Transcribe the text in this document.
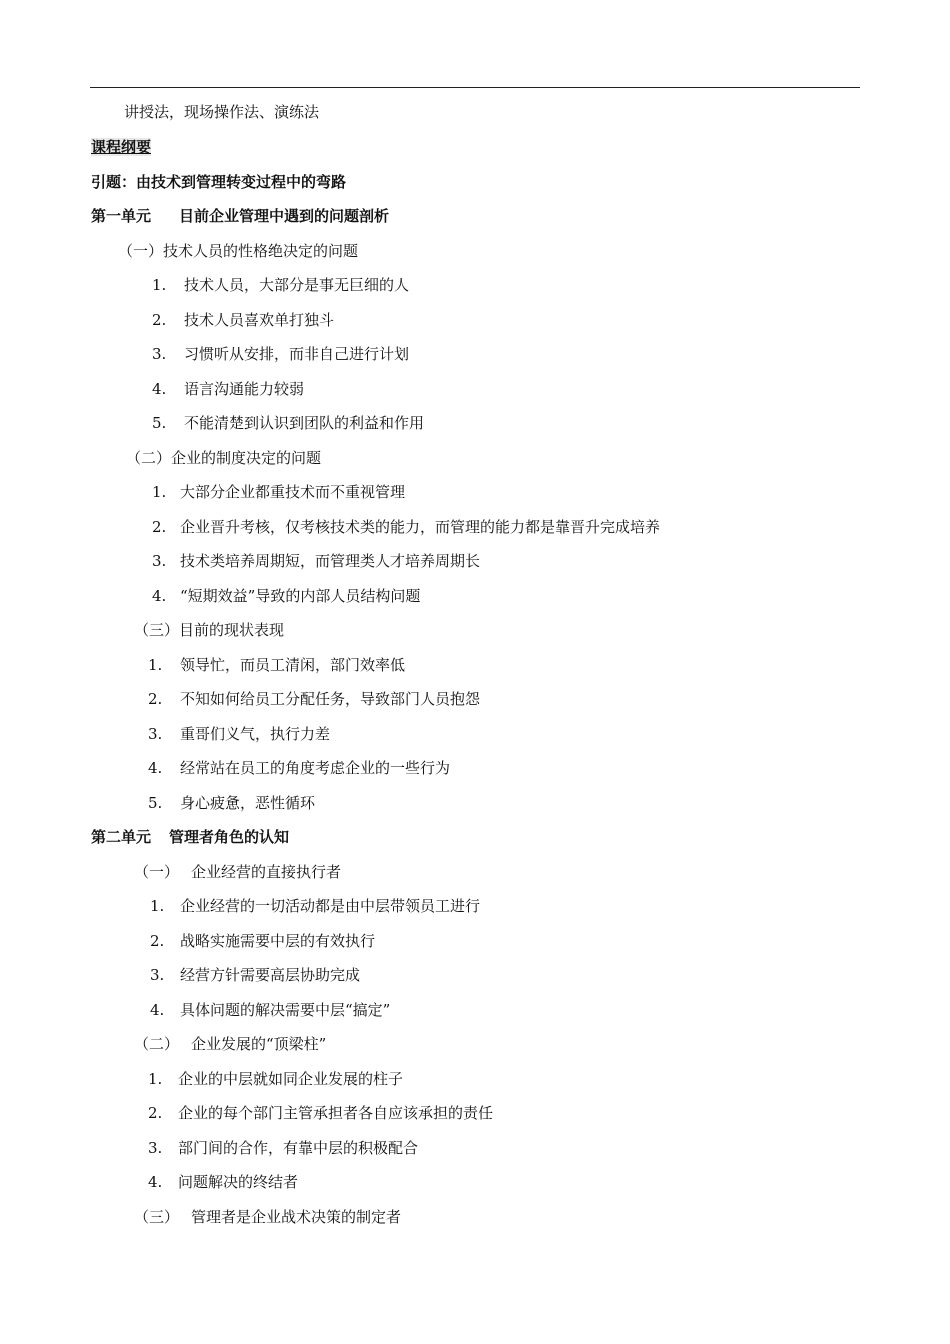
讲授法，现场操作法、演练法
课程纲要
引题：由技术到管理转变过程中的弯路
第一单元 目前企业管理中遇到的问题剖析
（一）技术人员的性格绝决定的问题
1. 技术人员，大部分是事无巨细的人
2. 技术人员喜欢单打独斗
3. 习惯听从安排，而非自己进行计划
4. 语言沟通能力较弱
5. 不能清楚到认识到团队的利益和作用
（二）企业的制度决定的问题
1. 大部分企业都重技术而不重视管理
2. 企业晋升考核，仅考核技术类的能力，而管理的能力都是靠晋升完成培养
3. 技术类培养周期短，而管理类人才培养周期长
4. “短期效益”导致的内部人员结构问题
（三）目前的现状表现
1. 领导忙，而员工清闲，部门效率低
2. 不知如何给员工分配任务，导致部门人员抱怨
3. 重哥们义气，执行力差
4. 经常站在员工的角度考虑企业的一些行为
5. 身心疲惫，恶性循环
第二单元 管理者角色的认知
（一） 企业经营的直接执行者
1. 企业经营的一切活动都是由中层带领员工进行
2. 战略实施需要中层的有效执行
3. 经营方针需要高层协助完成
4. 具体问题的解决需要中层“搞定”
（二） 企业发展的“顶梁柱”
1. 企业的中层就如同企业发展的柱子
2. 企业的每个部门主管承担者各自应该承担的责任
3. 部门间的合作，有靠中层的积极配合
4. 问题解决的终结者
（三） 管理者是企业战术决策的制定者
